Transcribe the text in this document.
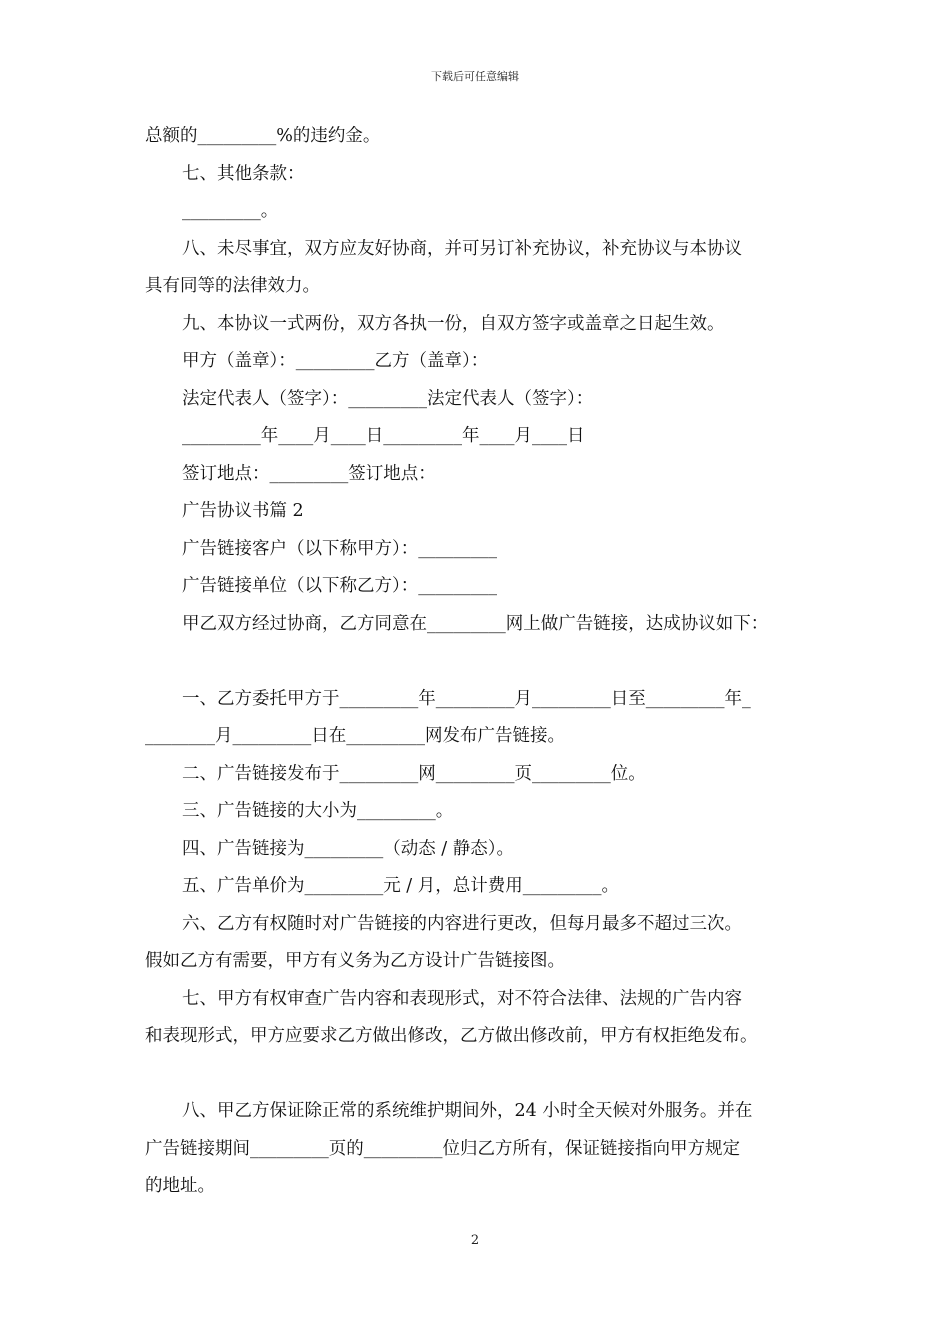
下载后可任意编辑
总额的_________%的违约金。
七、其他条款：
_________。
八、未尽事宜，双方应友好协商，并可另订补充协议，补充协议与本协议
具有同等的法律效力。
九、本协议一式两份，双方各执一份，自双方签字或盖章之日起生效。
甲方（盖章）：_________乙方（盖章）：
法定代表人（签字）：_________法定代表人（签字）：
_________年____月____日_________年____月____日
签订地点：_________签订地点：
广告协议书篇 2
广告链接客户（以下称甲方）：_________
广告链接单位（以下称乙方）：_________
甲乙双方经过协商，乙方同意在_________网上做广告链接，达成协议如下：
一、乙方委托甲方于_________年_________月_________日至_________年_
________月_________日在_________网发布广告链接。
二、广告链接发布于_________网_________页_________位。
三、广告链接的大小为_________。
四、广告链接为_________（动态 / 静态）。
五、广告单价为_________元 / 月，总计费用_________。
六、乙方有权随时对广告链接的内容进行更改，但每月最多不超过三次。
假如乙方有需要，甲方有义务为乙方设计广告链接图。
七、甲方有权审查广告内容和表现形式，对不符合法律、法规的广告内容
和表现形式，甲方应要求乙方做出修改，乙方做出修改前，甲方有权拒绝发布。
八、甲乙方保证除正常的系统维护期间外，24 小时全天候对外服务。并在
广告链接期间_________页的_________位归乙方所有，保证链接指向甲方规定
的地址。
2
